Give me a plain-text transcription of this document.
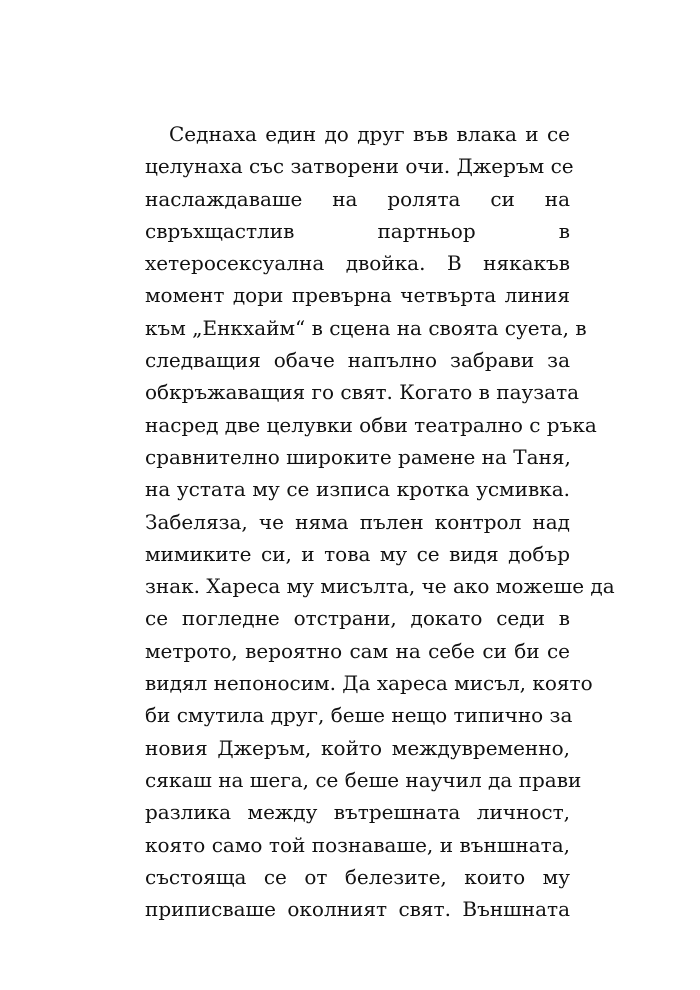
Седнаха един до друг във влака и се
целунаха със затворени очи. Джеръм се
наслаждаваше на ролята си на
свръхщастлив партньор в
хетеросексуална двойка. В някакъв
момент дори превърна четвърта линия
към „Енкхайм“ в сцена на своята суета, в
следващия обаче напълно забрави за
обкръжаващия го свят. Когато в паузата
насред две целувки обви театрално с ръка
сравнително широките рамене на Таня,
на устата му се изписа кротка усмивка.
Забеляза, че няма пълен контрол над
мимиките си, и това му се видя добър
знак. Хареса му мисълта, че ако можеше да
се погледне отстрани, докато седи в
метрото, вероятно сам на себе си би се
видял непоносим. Да хареса мисъл, която
би смутила друг, беше нещо типично за
новия Джеръм, който междувременно,
сякаш на шега, се беше научил да прави
разлика между вътрешната личност,
която само той познаваше, и външната,
състояща се от белезите, които му
приписваше околният свят. Външната
